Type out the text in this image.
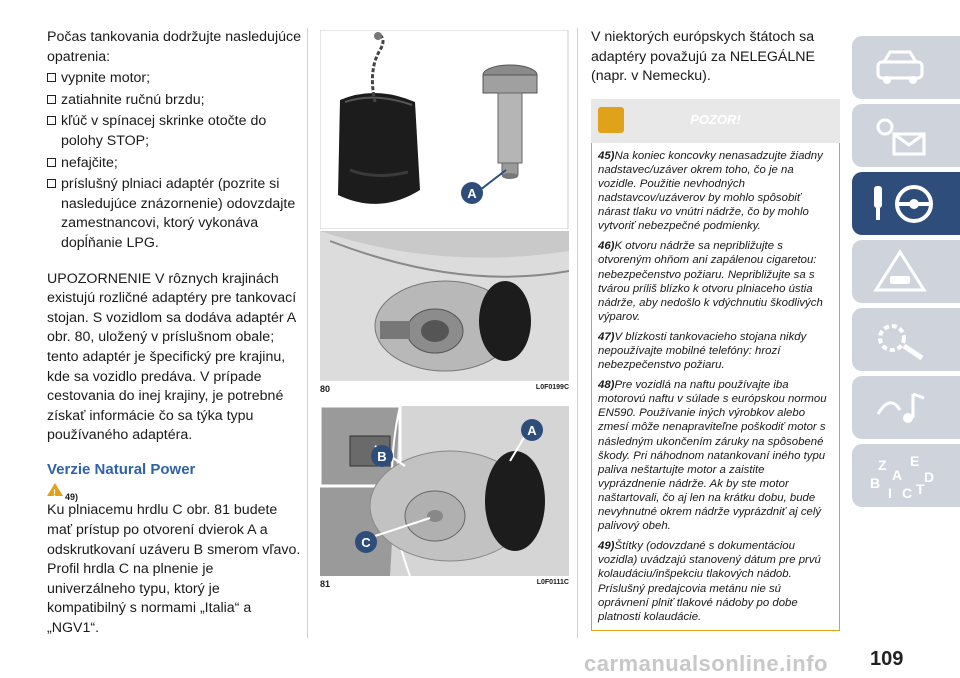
Počas tankovania dodržujte nasledujúce opatrenia:

vypnite motor;
zatiahnite ručnú brzdu;
kľúč v spínacej skrinke otočte do polohy STOP;
nefajčite;
príslušný plniaci adaptér (pozrite si nasledujúce znázornenie) odovzdajte zamestnancovi, ktorý vykonáva dopĺňanie LPG.

UPOZORNENIE V rôznych krajinách existujú rozličné adaptéry pre tankovací stojan. S vozidlom sa dodáva adaptér A obr. 80, uložený v príslušnom obale; tento adaptér je špecifický pre krajinu, kde sa vozidlo predáva. V prípade cestovania do inej krajiny, je potrebné získať informácie čo sa týka typu používaného adaptéra.

Verzie Natural Power

!
49)

Ku plniacemu hrdlu C obr. 81 budete mať prístup po otvorení dvierok A a odskrutkovaní uzáveru B smerom vľavo.

Profil hrdla C na plnenie je univerzálneho typu, ktorý je kompatibilný s normami „Italia“ a „NGV1“.

A
80	L0F0199C
B
A
C
81	L0F0111C

V niektorých európskych štátoch sa adaptéry považujú za NELEGÁLNE (napr. v Nemecku).

POZOR!

45)Na koniec koncovky nenasadzujte žiadny nadstavec/uzáver okrem toho, čo je na vozidle. Použitie nevhodných nadstavcov/uzáverov by mohlo spôsobiť nárast tlaku vo vnútri nádrže, čo by mohlo vytvoriť nebezpečné podmienky.

46)K otvoru nádrže sa nepribližujte s otvoreným ohňom ani zapálenou cigaretou: nebezpečenstvo požiaru. Nepribližujte sa s tvárou príliš blízko k otvoru plniaceho ústia nádrže, aby nedošlo k vdýchnutiu škodlivých výparov.

47)V blízkosti tankovacieho stojana nikdy nepoužívajte mobilné telefóny: hrozí nebezpečenstvo požiaru.

48)Pre vozidlá na naftu používajte iba motorovú naftu v súlade s európskou normou EN590. Používanie iných výrobkov alebo zmesí môže nenapraviteľne poškodiť motor s následným ukončením záruky na spôsobené škody. Pri náhodnom natankovaní iného typu paliva neštartujte motor a zaistite vyprázdnenie nádrže. Ak by ste motor naštartovali, čo aj len na krátku dobu, bude nevyhnutné okrem nádrže vyprázdniť aj celý palivový obeh.

49)Štítky (odovzdané s dokumentáciou vozidla) uvádzajú stanovený dátum pre prvú kolaudáciu/inšpekciu tlakových nádob. Príslušný predajcovia metánu nie sú oprávnení plniť tlakové nádoby po dobe platnosti kolaudácie.

Z E
A
B
I C T
D
109
carmanualsonline.info
